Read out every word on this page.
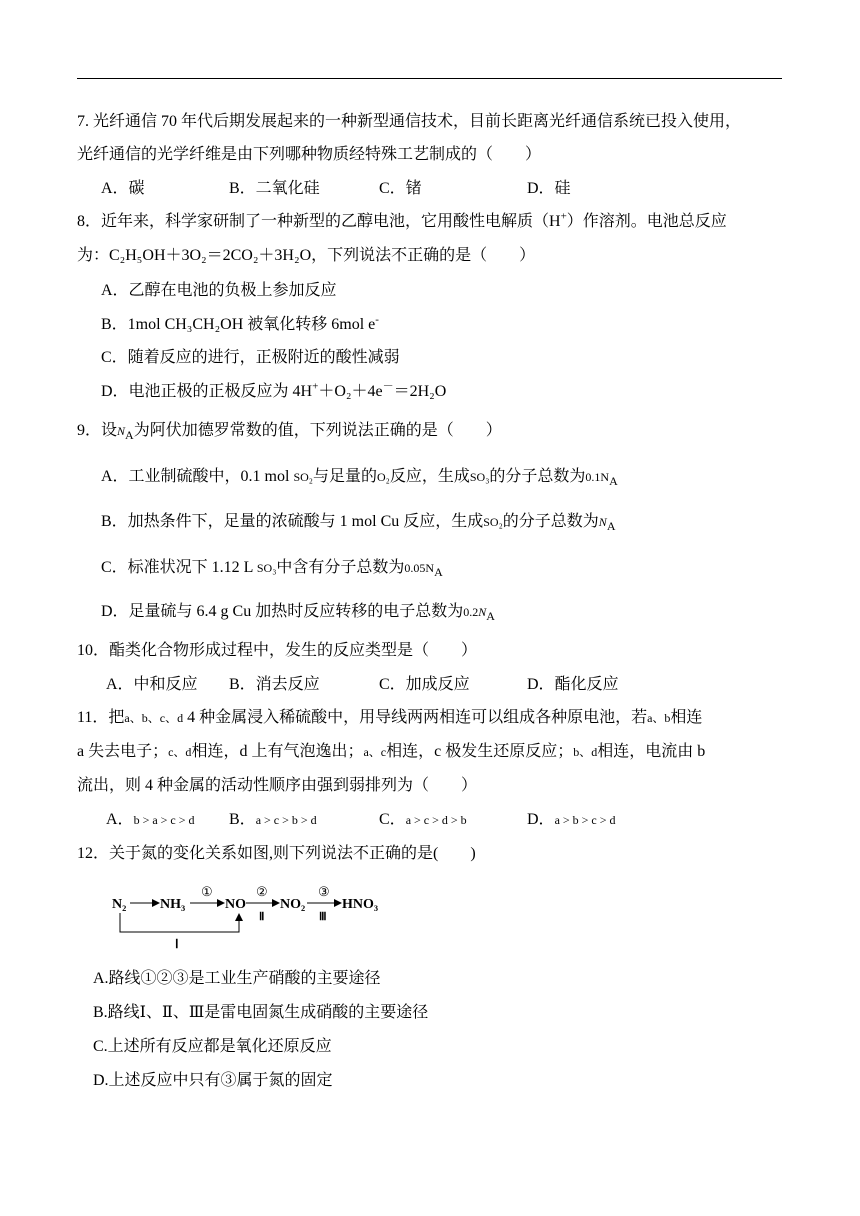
7. 光纤通信 70 年代后期发展起来的一种新型通信技术，目前长距离光纤通信系统已投入使用，
光纤通信的光学纤维是由下列哪种物质经特殊工艺制成的（　　）
A．碳	B．二氧化硅	C．锗	D．硅
8．近年来，科学家研制了一种新型的乙醇电池，它用酸性电解质（H+）作溶剂。电池总反应
为：C₂H₅OH＋3O₂＝2CO₂＋3H₂O，下列说法不正确的是（　　）
A．乙醇在电池的负极上参加反应
B．1mol CH₃CH₂OH 被氧化转移 6mol e-
C．随着反应的进行，正极附近的酸性减弱
D．电池正极的正极反应为 4H+＋O₂＋4e－＝2H₂O
9．设$N_A$为阿伏加德罗常数的值，下列说法正确的是（　　）
A．工业制硫酸中，0.1 mol SO₂与足量的O₂反应，生成SO₃的分子总数为$0.1N_A$
B．加热条件下，足量的浓硫酸与 1 mol Cu 反应，生成SO₂的分子总数为$N_A$
C．标准状况下 1.12 L SO₃中含有分子总数为$0.05N_A$
D．足量硫与 6.4 g Cu 加热时反应转移的电子总数为$0.2N_A$
10．酯类化合物形成过程中，发生的反应类型是（　　）
A．中和反应 B．消去反应	C．加成反应	D．酯化反应
11．把a、b、c、d 4 种金属浸入稀硫酸中，用导线两两相连可以组成各种原电池，若a、b相连
a 失去电子；c、d相连，d 上有气泡逸出；a、c相连，c 极发生还原反应；b、d相连，电流由 b
流出，则 4 种金属的活动性顺序由强到弱排列为（　　）
A．b > a > c > d B．a > c > b > d	C．a > c > d > b	D．a > b > c > d
12．关于氮的变化关系如图,则下列说法不正确的是(　　)
N₂ NH₃	NO NO₂	HNO₃
①	②
Ⅱ
③
Ⅲ
Ⅰ
A.路线①②③是工业生产硝酸的主要途径
B.路线Ⅰ、Ⅱ、Ⅲ是雷电固氮生成硝酸的主要途径
C.上述所有反应都是氧化还原反应
D.上述反应中只有③属于氮的固定
